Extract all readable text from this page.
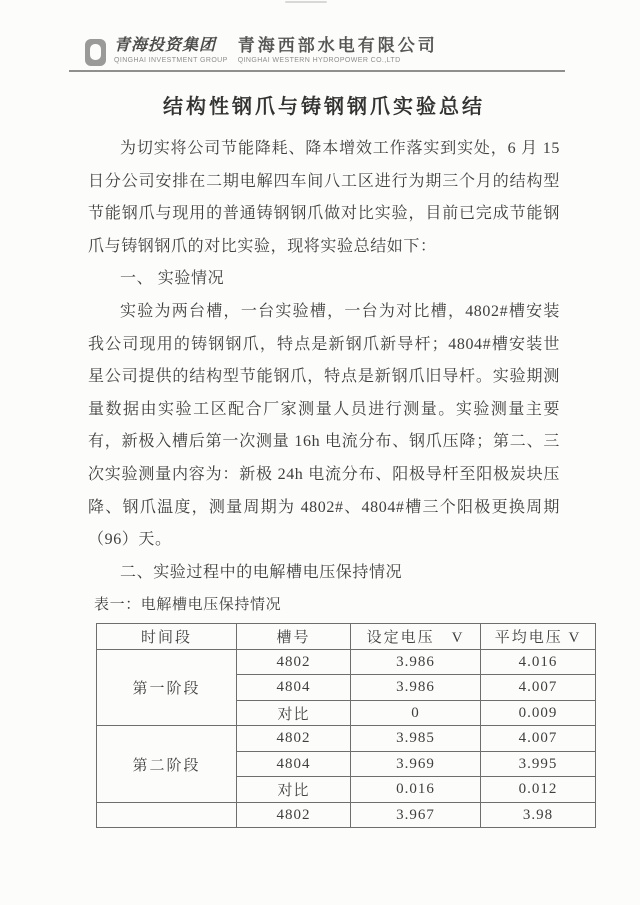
青海投资集团
QINGHAI INVESTMENT GROUP
青海西部水电有限公司
QINGHAI WESTERN HYDROPOWER CO.,LTD
结构性钢爪与铸钢钢爪实验总结

为切实将公司节能降耗、降本增效工作落实到实处，6 月 15 日分公司安排在二期电解四车间八工区进行为期三个月的结构型节能钢爪与现用的普通铸钢钢爪做对比实验，目前已完成节能钢爪与铸钢钢爪的对比实验，现将实验总结如下：

一、 实验情况

实验为两台槽，一台实验槽，一台为对比槽，4802#槽安装我公司现用的铸钢钢爪，特点是新钢爪新导杆；4804#槽安装世星公司提供的结构型节能钢爪，特点是新钢爪旧导杆。实验期测量数据由实验工区配合厂家测量人员进行测量。实验测量主要有，新极入槽后第一次测量 16h 电流分布、钢爪压降；第二、三次实验测量内容为：新极 24h 电流分布、阳极导杆至阳极炭块压降、钢爪温度，测量周期为 4802#、4804#槽三个阳极更换周期（96）天。

二、实验过程中的电解槽电压保持情况

表一：电解槽电压保持情况

时间段	槽号	设定电压　V	平均电压 V
第一阶段	4802	3.986	4.016
	4804	3.986	4.007
	对比	0	0.009
第二阶段	4802	3.985	4.007
	4804	3.969	3.995
	对比	0.016	0.012
	4802	3.967	3.98
